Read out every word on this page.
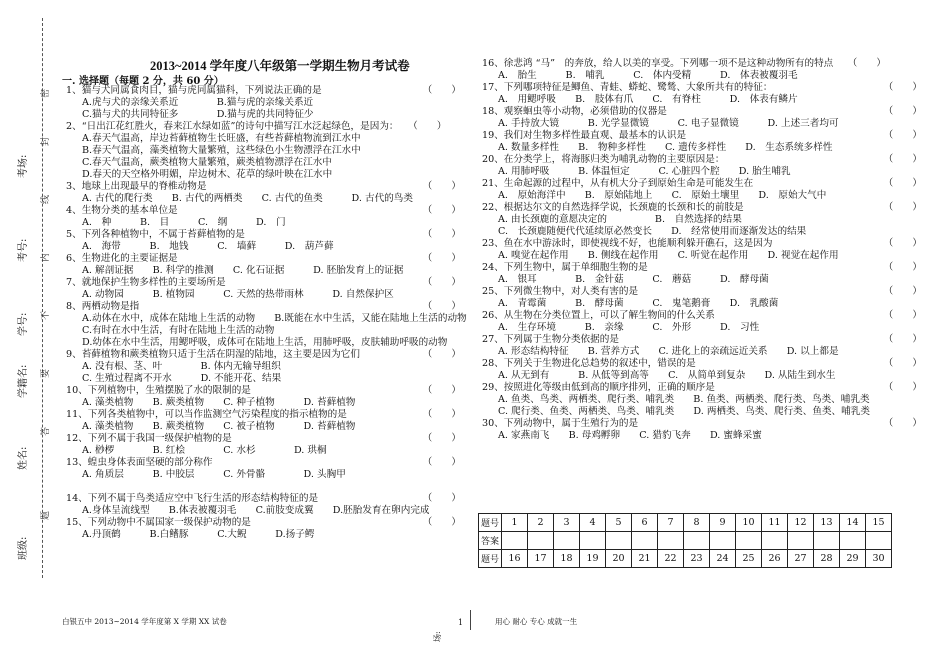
考场:
考号:
学号:
学籍名:
姓名:
班级:
密
封
线
内
不
要
答
题
2013~2014 学年度八年级第一学期生物月考试卷
一. 选择题（每题 2 分，共 60 分）
1、猫与犬同属食肉目，猫与虎同属猫科，下列说法正确的是	（　　）
A.虎与犬的亲缘关系近　　　　B.猫与虎的亲缘关系近
C.猫与犬的共同特征多　　　　D.猫与虎的共同特征少
2、“日出江花红胜火，春来江水绿如蓝”的诗句中描写江水泛起绿色，是因为：　　（　　）
A.春天气温高，岸边苔藓植物生长旺盛，有些苔藓植物流到江水中
B.春天气温高，藻类植物大量繁殖，这些绿色小生物漂浮在江水中
C.春天气温高，蕨类植物大量繁殖，蕨类植物漂浮在江水中
D.春天的天空格外明媚，岸边树木、花草的绿叶映在江水中
3、地球上出现最早的脊椎动物是	（　　）
A. 古代的爬行类　　B. 古代的两栖类　　C. 古代的鱼类　　　D. 古代的鸟类
4、生物分类的基本单位是	（　　）
A.　种　　　B.　目　　　C.　纲　　　D.　门
5、下列各种植物中，不属于苔藓植物的是	（　　）
A.　海带　　　B.　地钱　　　C.　墙藓　　　D.　葫芦藓
6、生物进化的主要证据是	（　　）
A. 解剖证据　　B. 科学的推测　　C. 化石证据　　　D. 胚胎发育上的证据
7、就地保护生物多样性的主要场所是	（　　）
A. 动物园　　　B. 植物园　　　C. 天然的热带雨林　　　D. 自然保护区
8、两栖动物是指	（　　）
A.动体在水中，成体在陆地上生活的动物　　B.既能在水中生活，又能在陆地上生活的动物
C.有时在水中生活，有时在陆地上生活的动物
D.幼体在水中生活，用鳃呼吸，成体可在陆地上生活，用肺呼吸，皮肤辅助呼吸的动物
9、苔藓植物和蕨类植物只适于生活在阴湿的陆地，这主要是因为它们	（　　）
A. 没有根、茎、叶　　　　B. 体内无输导组织
C. 生殖过程离不开水　　　D. 不能开花、结果
10、下列植物中，生殖摆脱了水的限制的是	（　　）
A. 藻类植物　　B. 蕨类植物　　C. 种子植物　　　D. 苔藓植物
11、下列各类植物中，可以当作监测空气污染程度的指示植物的是	（　　）
A. 藻类植物　　B. 蕨类植物　　C. 被子植物　　　D. 苔藓植物
12、下列不属于我国一级保护植物的是	（　　）
A. 桫椤　　　　B. 红桧　　　　C. 水杉　　　　D. 珙桐
13、蝗虫身体表面坚硬的部分称作	（　　）
A. 角质层　　　B. 中胶层　　　C. 外骨骼　　　　D. 头胸甲
14、下列不属于鸟类适应空中飞行生活的形态结构特征的是	（　　）
A.身体呈流线型　　B.体表被覆羽毛　　C.前肢变成翼　　D.胚胎发育在卵内完成
15、下列动物中不属国家一级保护动物的是	（　　）
A.丹顶鹤　　　B.白鳍豚　　　C.大鲵　　　D.扬子鳄
16、徐悲鸿 “马”　的奔放，给人以美的享受。下列哪一项不是这种动物所有的特点　　（　　）
A.　胎生　　　B.　哺乳　　　C.　体内受精　　　D.　体表被覆羽毛
17、下列哪项特征是鲫鱼、青蛙、蟒蛇、鹭鸶、大象所共有的特征：	（　　）
A.　用鳃呼吸　　B.　肢体有爪　　C.　有脊柱　　　D.　体表有鳞片
18、观察蛔虫等小动物，必须借助的仪器是	（　　）
A. 手持放大镜　　　B. 光学显微镜　　　C. 电子显微镜　　　D. 上述三者均可
19、我们对生物多样性最直观、最基本的认识是	（　　）
A. 数量多样性　　B.　物种多样性　　C. 遗传多样性　　D.　生态系统多样性
20、在分类学上，将海豚归类为哺乳动物的主要原因是：	（　　）
A. 用肺呼吸　　　B. 体温恒定　　　C. 心脏四个腔　　D. 胎生哺乳
21、生命起源的过程中，从有机大分子到原始生命是可能发生在	（　　）
A.　原始海洋中　　B.　原始陆地上　　C.　原始土壤里　　D.　原始大气中
22、根据达尔文的自然选择学说，长颈鹿的长颈和长的前肢是	（　　）
A. 由长颈鹿的意愿决定的　　　　　B.　自然选择的结果
C.　长颈鹿随便代代延续原必然变长　　D.　经常使用而逐渐发达的结果
23、鱼在水中游泳时，即使视线不好，也能顺利躲开礁石，这是因为	（　　）
A. 嗅觉在起作用　　B. 侧线在起作用　　C. 听觉在起作用　　D. 视觉在起作用
24、下列生物中，属于单细胞生物的是	（　　）
A.　银耳　　　　B.　金针菇　　　C.　蘑菇　　　D.　酵母菌
25、下列微生物中，对人类有害的是	（　　）
A.　青霉菌　　　B.　酵母菌　　　C.　鬼笔鹅膏　　D.　乳酸菌
26、从生物在分类位置上，可以了解生物间的什么关系	（　　）
A.　生存环境　　　B.　亲缘　　　C.　外形　　　D.　习性
27、下列属于生物分类依据的是	（　　）
A. 形态结构特征　　B. 营养方式　　C. 进化上的亲疏远近关系　　D. 以上都是
28、下列关于生物进化总趋势的叙述中，错误的是	（　　）
A. 从无到有　　　B. 从低等到高等　　C.　从简单到复杂　　D. 从陆生到水生
29、按照进化等级由低到高的顺序排列，正确的顺序是	（　　）
A. 鱼类、鸟类、两栖类、爬行类、哺乳类　　B. 鱼类、两栖类、爬行类、鸟类、哺乳类
C. 爬行类、鱼类、两栖类、鸟类、哺乳类　　D. 两栖类、鸟类、爬行类、鱼类、哺乳类
30、下列动物中，属于生殖行为的是	（　　）
A. 家燕南飞　　B. 母鸡孵卵　　C. 猎豹飞奔　　D. 蜜蜂采蜜
题号	1	2	3	4	5	6	7	8	9	10	11	12	13	14	15
答案															
题号	16	17	18	19	20	21	22	23	24	25	26	27	28	29	30
白银五中 2013~2014 学年度第 X 学期 XX 试卷	1	用心 耐心 专心 成就一生
场:
